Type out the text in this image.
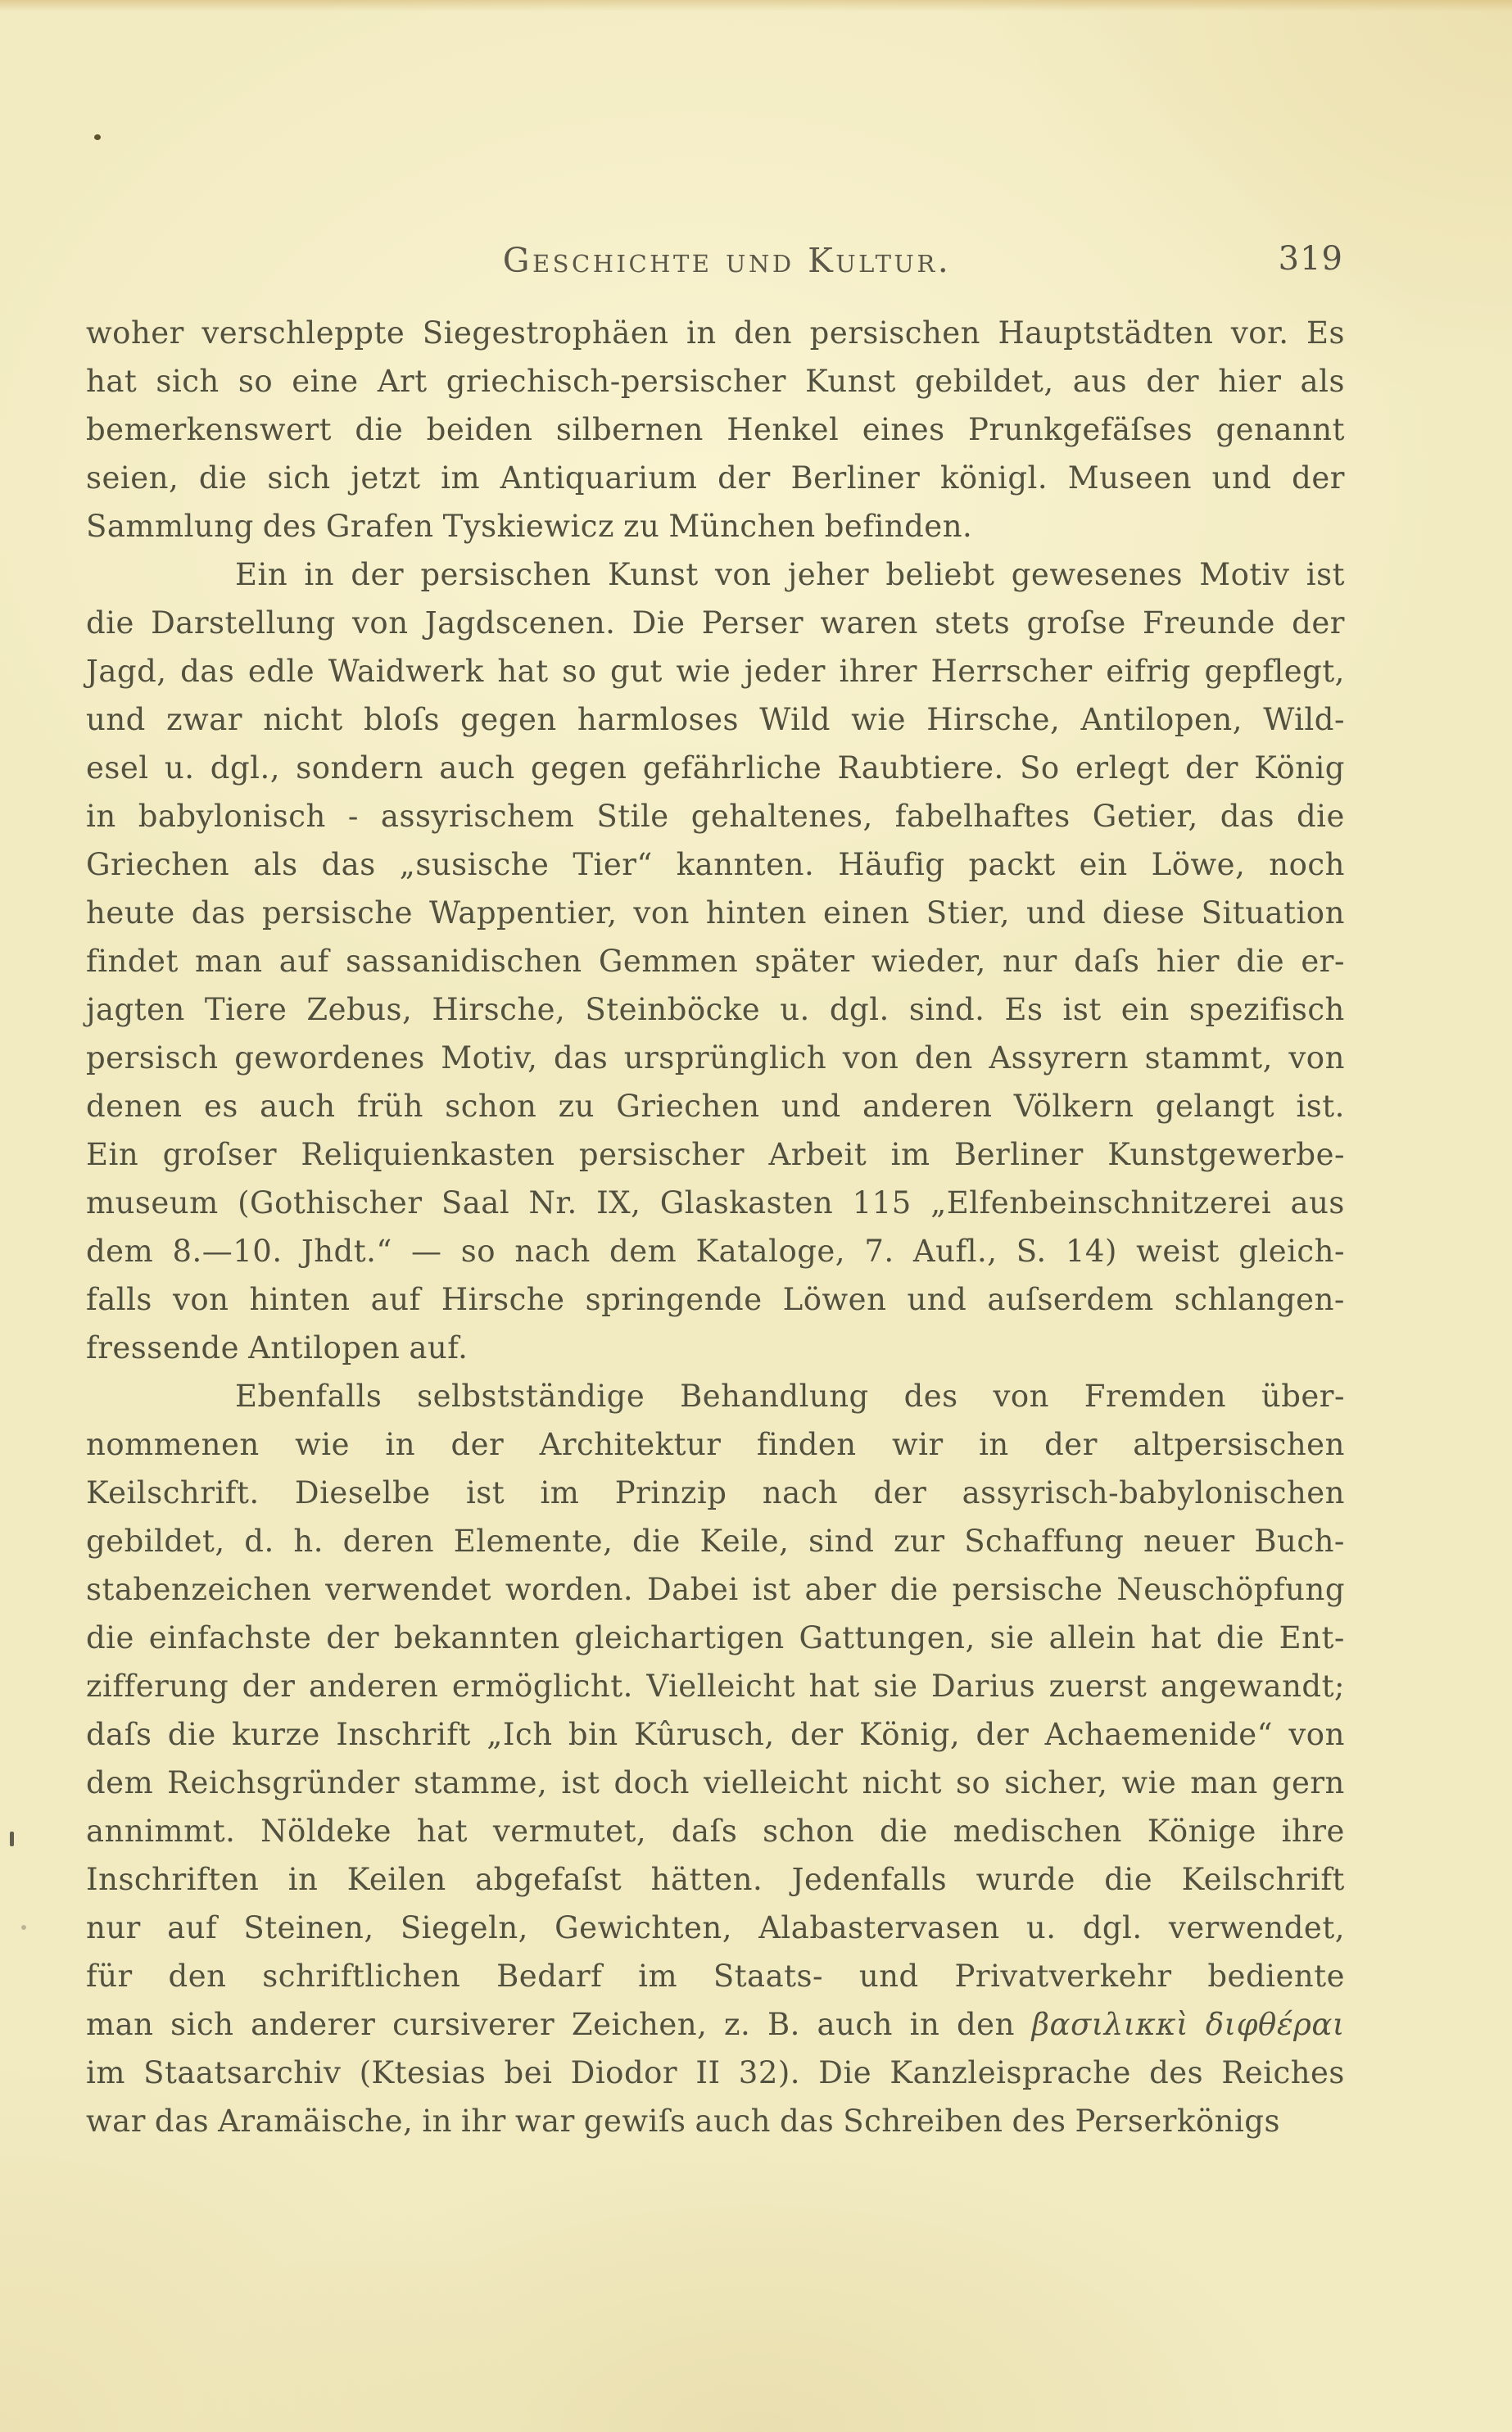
Geschichte und Kultur.	319
woher verschleppte Siegestrophäen in den persischen Hauptstädten vor. Es
hat sich so eine Art griechisch-persischer Kunst gebildet, aus der hier als
bemerkenswert die beiden silbernen Henkel eines Prunkgefäſses genannt
seien, die sich jetzt im Antiquarium der Berliner königl. Museen und der
Sammlung des Grafen Tyskiewicz zu München befinden.
Ein in der persischen Kunst von jeher beliebt gewesenes Motiv ist
die Darstellung von Jagdscenen. Die Perser waren stets groſse Freunde der
Jagd, das edle Waidwerk hat so gut wie jeder ihrer Herrscher eifrig gepflegt,
und zwar nicht bloſs gegen harmloses Wild wie Hirsche, Antilopen, Wild-
esel u. dgl., sondern auch gegen gefährliche Raubtiere. So erlegt der König
in babylonisch - assyrischem Stile gehaltenes, fabelhaftes Getier, das die
Griechen als das „susische Tier“ kannten. Häufig packt ein Löwe, noch
heute das persische Wappentier, von hinten einen Stier, und diese Situation
findet man auf sassanidischen Gemmen später wieder, nur daſs hier die er-
jagten Tiere Zebus, Hirsche, Steinböcke u. dgl. sind. Es ist ein spezifisch
persisch gewordenes Motiv, das ursprünglich von den Assyrern stammt, von
denen es auch früh schon zu Griechen und anderen Völkern gelangt ist.
Ein groſser Reliquienkasten persischer Arbeit im Berliner Kunstgewerbe-
museum (Gothischer Saal Nr. IX, Glaskasten 115 „Elfenbeinschnitzerei aus
dem 8.—10. Jhdt.“ — so nach dem Kataloge, 7. Aufl., S. 14) weist gleich-
falls von hinten auf Hirsche springende Löwen und auſserdem schlangen-
fressende Antilopen auf.
Ebenfalls selbstständige Behandlung des von Fremden über-
nommenen wie in der Architektur finden wir in der altpersischen
Keilschrift. Dieselbe ist im Prinzip nach der assyrisch-babylonischen
gebildet, d. h. deren Elemente, die Keile, sind zur Schaffung neuer Buch-
stabenzeichen verwendet worden. Dabei ist aber die persische Neuschöpfung
die einfachste der bekannten gleichartigen Gattungen, sie allein hat die Ent-
zifferung der anderen ermöglicht. Vielleicht hat sie Darius zuerst angewandt;
daſs die kurze Inschrift „Ich bin Kûrusch, der König, der Achaemenide“ von
dem Reichsgründer stamme, ist doch vielleicht nicht so sicher, wie man gern
annimmt. Nöldeke hat vermutet, daſs schon die medischen Könige ihre
Inschriften in Keilen abgefaſst hätten. Jedenfalls wurde die Keilschrift
nur auf Steinen, Siegeln, Gewichten, Alabastervasen u. dgl. verwendet,
für den schriftlichen Bedarf im Staats- und Privatverkehr bediente
man sich anderer cursiverer Zeichen, z. B. auch in den βασιλικκὶ διφθέραι
im Staatsarchiv (Ktesias bei Diodor II 32). Die Kanzleisprache des Reiches
war das Aramäische, in ihr war gewiſs auch das Schreiben des Perserkönigs
